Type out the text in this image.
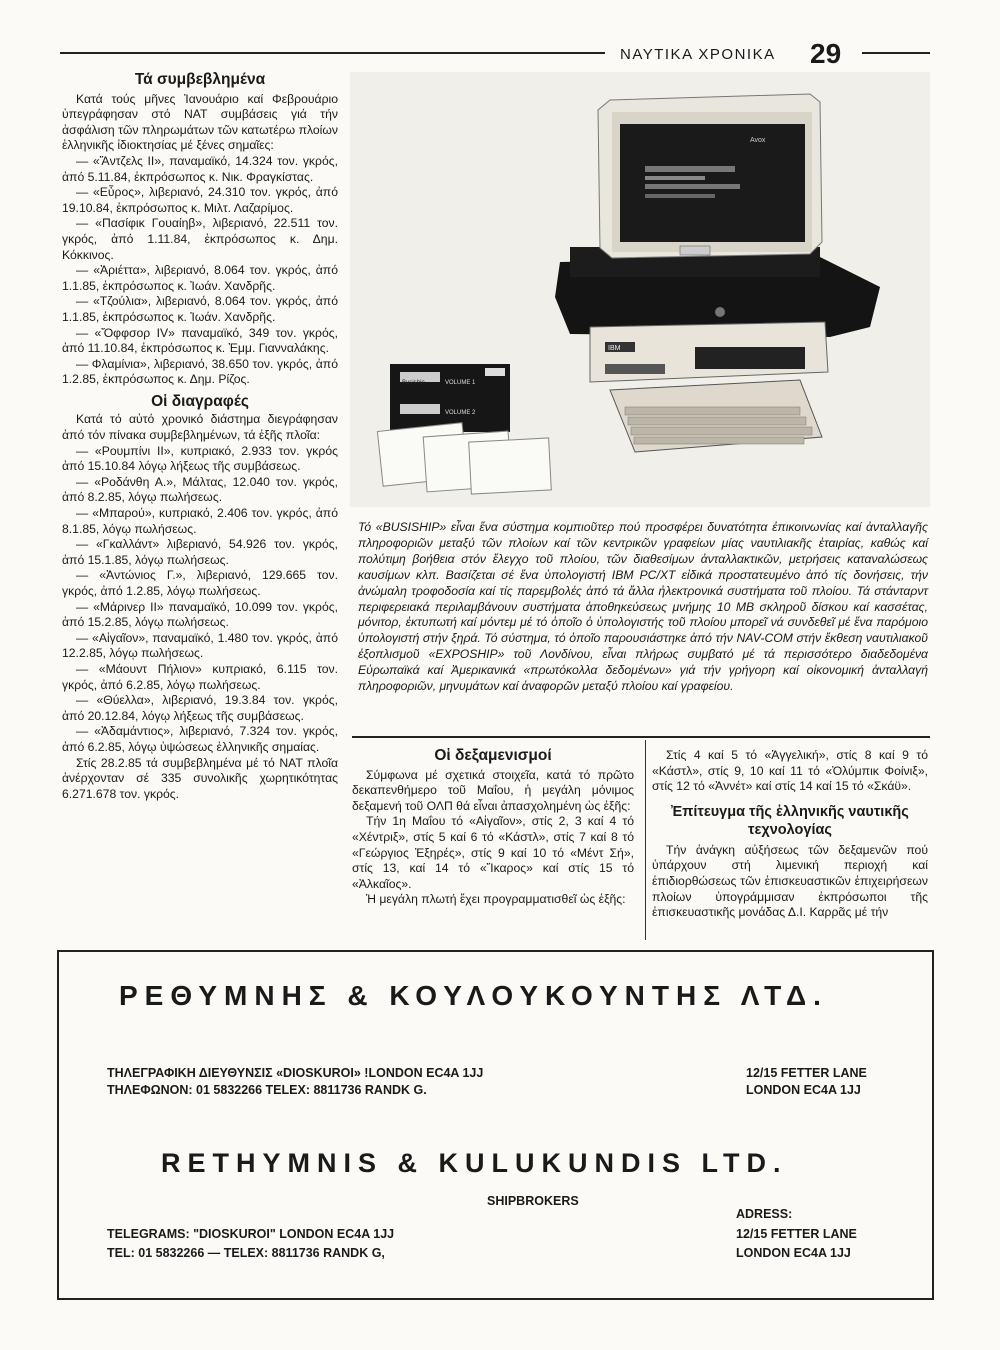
ΝΑΥΤΙΚΑ ΧΡΟΝΙΚΑ 29
Τά συμβεβλημένα

Κατά τούς μῆνες Ἰανουάριο καί Φεβρουάριο ὑπεγράφησαν στό ΝΑΤ συμβάσεις γιά τήν ἀσφάλιση τῶν πληρωμάτων τῶν κατωτέρω πλοίων ἑλληνικῆς ἰδιοκτησίας μέ ξένες σημαῖες:

— «Ἄντζελς ΙΙ», παναμαϊκό, 14.324 τον. γκρός, ἀπό 5.11.84, ἐκπρόσωπος κ. Νικ. Φραγκίστας.

— «Εὖρος», λιβεριανό, 24.310 τον. γκρός, ἀπό 19.10.84, ἐκπρόσωπος κ. Μιλτ. Λαζαρίμος.

— «Πασίφικ Γουαίηβ», λιβεριανό, 22.511 τον. γκρός, ἀπό 1.11.84, ἐκπρόσωπος κ. Δημ. Κόκκινος.

— «Ἀριέττα», λιβεριανό, 8.064 τον. γκρός, ἀπό 1.1.85, ἐκπρόσωπος κ. Ἰωάν. Χανδρῆς.

— «Τζούλια», λιβεριανό, 8.064 τον. γκρός, ἀπό 1.1.85, ἐκπρόσωπος κ. Ἰωάν. Χανδρῆς.

— «Ὄφφσορ IV» παναμαϊκό, 349 τον. γκρός, ἀπό 11.10.84, ἐκπρόσωπος κ. Ἐμμ. Γιανναλάκης.

— Φλαμίνια», λιβεριανό, 38.650 τον. γκρός, ἀπό 1.2.85, ἐκπρόσωπος κ. Δημ. Ρίζος.

Οἱ διαγραφές

Κατά τό αὐτό χρονικό διάστημα διεγράφησαν ἀπό τόν πίνακα συμβεβλημένων, τά ἑξῆς πλοῖα:

— «Ρουμπίνι ΙΙ», κυπριακό, 2.933 τον. γκρός ἀπό 15.10.84 λόγῳ λήξεως τῆς συμβάσεως.

— «Ροδάνθη Α.», Μάλτας, 12.040 τον. γκρός, ἀπό 8.2.85, λόγῳ πωλήσεως.

— «Μπαρού», κυπριακό, 2.406 τον. γκρός, ἀπό 8.1.85, λόγῳ πωλήσεως.

— «Γκαλλάντ» λιβεριανό, 54.926 τον. γκρός, ἀπό 15.1.85, λόγῳ πωλήσεως.

— «Ἀντώνιος Γ.», λιβεριανό, 129.665 τον. γκρός, ἀπό 1.2.85, λόγῳ πωλήσεως.

— «Μάρινερ ΙΙ» παναμαϊκό, 10.099 τον. γκρός, ἀπό 15.2.85, λόγῳ πωλήσεως.

— «Αἰγαῖον», παναμαϊκό, 1.480 τον. γκρός, ἀπό 12.2.85, λόγῳ πωλήσεως.

— «Μάουντ Πήλιον» κυπριακό, 6.115 τον. γκρός, ἀπό 6.2.85, λόγῳ πωλήσεως.

— «Θύελλα», λιβεριανό, 19.3.84 τον. γκρός, ἀπό 20.12.84, λόγῳ λήξεως τῆς συμβάσεως.

— «Ἀδαμάντιος», λιβεριανό, 7.324 τον. γκρός, ἀπό 6.2.85, λόγῳ ὑψώσεως ἑλληνικῆς σημαίας.

Στίς 28.2.85 τά συμβεβλημένα μέ τό ΝΑΤ πλοῖα ἀνέρχονταν σέ 335 συνολικῆς χωρητικότητας 6.271.678 τον. γκρός.

Avox
IBM
VOLUME 1
VOLUME 2
Busiship
Τό «BUSISHIP» εἶναι ἕνα σύστημα κομπιοῦτερ πού προσφέρει δυνατότητα ἐπικοινωνίας καί ἀνταλλαγῆς πληροφοριῶν μεταξύ τῶν πλοίων καί τῶν κεντρικῶν γραφείων μίας ναυτιλιακῆς ἑταιρίας, καθώς καί πολύτιμη βοήθεια στόν ἔλεγχο τοῦ πλοίου, τῶν διαθεσίμων ἀνταλλακτικῶν, μετρήσεις καταναλώσεως καυσίμων κλπ. Βασίζεται σέ ἕνα ὑπολογιστή IBM PC/XT εἰδικά προστατευμένο ἀπό τίς δονήσεις, τήν ἀνώμαλη τροφοδοσία καί τίς παρεμβολές ἀπό τά ἄλλα ἠλεκτρονικά συστήματα τοῦ πλοίου. Τά στάνταρντ περιφερειακά περιλαμβάνουν συστήματα ἀποθηκεύσεως μνήμης 10 MB σκληροῦ δίσκου καί κασσέτας, μόνιτορ, ἐκτυπωτή καί μόντεμ μέ τό ὁποῖο ὁ ὑπολογιστής τοῦ πλοίου μπορεῖ νά συνδεθεῖ μέ ἕνα παρόμοιο ὑπολογιστή στήν ξηρά. Τό σύστημα, τό ὁποῖο παρουσιάστηκε ἀπό τήν NAV-COM στήν ἔκθεση ναυτιλιακοῦ ἐξοπλισμοῦ «EXPOSHIP» τοῦ Λονδίνου, εἶναι πλήρως συμβατό μέ τά περισσότερο διαδεδομένα Εὐρωπαϊκά καί Ἀμερικανικά «πρωτόκολλα δεδομένων» γιά τήν γρήγορη καί οἰκονομική ἀνταλλαγή πληροφοριῶν, μηνυμάτων καί ἀναφορῶν μεταξύ πλοίου καί γραφείου.
Οἱ δεξαμενισμοί

Σύμφωνα μέ σχετικά στοιχεῖα, κατά τό πρῶτο δεκαπενθήμερο τοῦ Μαΐου, ἡ μεγάλη μόνιμος δεξαμενή τοῦ ΟΛΠ θά εἶναι ἀπασχολημένη ὡς ἑξῆς:

Τήν 1η Μαΐου τό «Αἰγαῖον», στίς 2, 3 καί 4 τό «Χέντριξ», στίς 5 καί 6 τό «Κάστλ», στίς 7 καί 8 τό «Γεώργιος Ἐξηρές», στίς 9 καί 10 τό «Μέντ Σή», στίς 13, καί 14 τό «Ἴκαρος» καί στίς 15 τό «Ἀλκαῖος».

Ἡ μεγάλη πλωτή ἔχει προγραμματισθεῖ ὡς ἑξῆς:

Στίς 4 καί 5 τό «Ἀγγελική», στίς 8 καί 9 τό «Κάστλ», στίς 9, 10 καί 11 τό «Ὀλύμπικ Φοίνιξ», στίς 12 τό «Ἀννέτ» καί στίς 14 καί 15 τό «Σκάϋ».

Ἐπίτευγμα τῆς ἑλληνικῆς ναυτικῆς τεχνολογίας

Τήν ἀνάγκη αὐξήσεως τῶν δεξαμενῶν πού ὑπάρχουν στή λιμενική περιοχή καί ἐπιδιορθώσεως τῶν ἐπισκευαστικῶν ἐπιχειρήσεων πλοίων ὑπογράμμισαν ἐκπρόσωποι τῆς ἐπισκευαστικῆς μονάδας Δ.Ι. Καρρᾶς μέ τήν

ΡΕΘΥΜΝΗΣ & ΚΟΥΛΟΥΚΟΥΝΤΗΣ ΛΤΔ.
ΤΗΛΕΓΡΑΦΙΚΗ ΔΙΕΥΘΥΝΣΙΣ «DIOSKUROI» !LONDON EC4A 1JJ
ΤΗΛΕΦΩΝΟΝ: 01 5832266 TELEX: 8811736 RANDK G.
12/15 FETTER LANE
LONDON EC4A 1JJ
RETHYMNIS & KULUKUNDIS LTD.
SHIPBROKERS
ADRESS:
TELEGRAMS: "DIOSKUROI" LONDON EC4A 1JJ
TEL: 01 5832266 — TELEX: 8811736 RANDK G,
12/15 FETTER LANE
LONDON EC4A 1JJ
